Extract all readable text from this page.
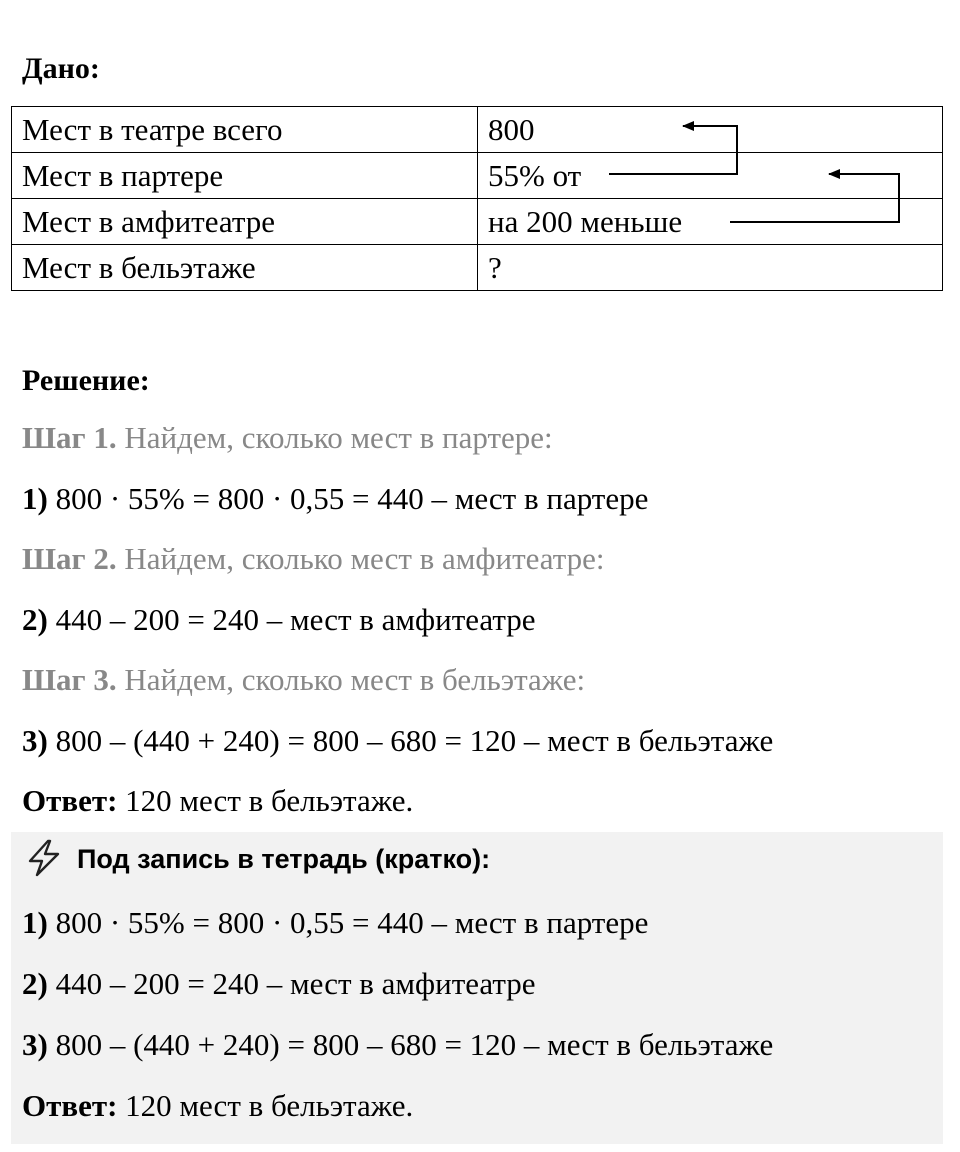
Дано:
Мест в театре всего	800
Мест в партере	55% от
Мест в амфитеатре	на 200 меньше
Мест в бельэтаже	?
Решение:
Шаг 1. Найдем, сколько мест в партере:
1) 800 · 55% = 800 · 0,55 = 440 – мест в партере
Шаг 2. Найдем, сколько мест в амфитеатре:
2) 440 – 200 = 240 – мест в амфитеатре
Шаг 3. Найдем, сколько мест в бельэтаже:
3) 800 – (440 + 240) = 800 – 680 = 120 – мест в бельэтаже
Ответ: 120 мест в бельэтаже.
Под запись в тетрадь (кратко):
1) 800 · 55% = 800 · 0,55 = 440 – мест в партере
2) 440 – 200 = 240 – мест в амфитеатре
3) 800 – (440 + 240) = 800 – 680 = 120 – мест в бельэтаже
Ответ: 120 мест в бельэтаже.
